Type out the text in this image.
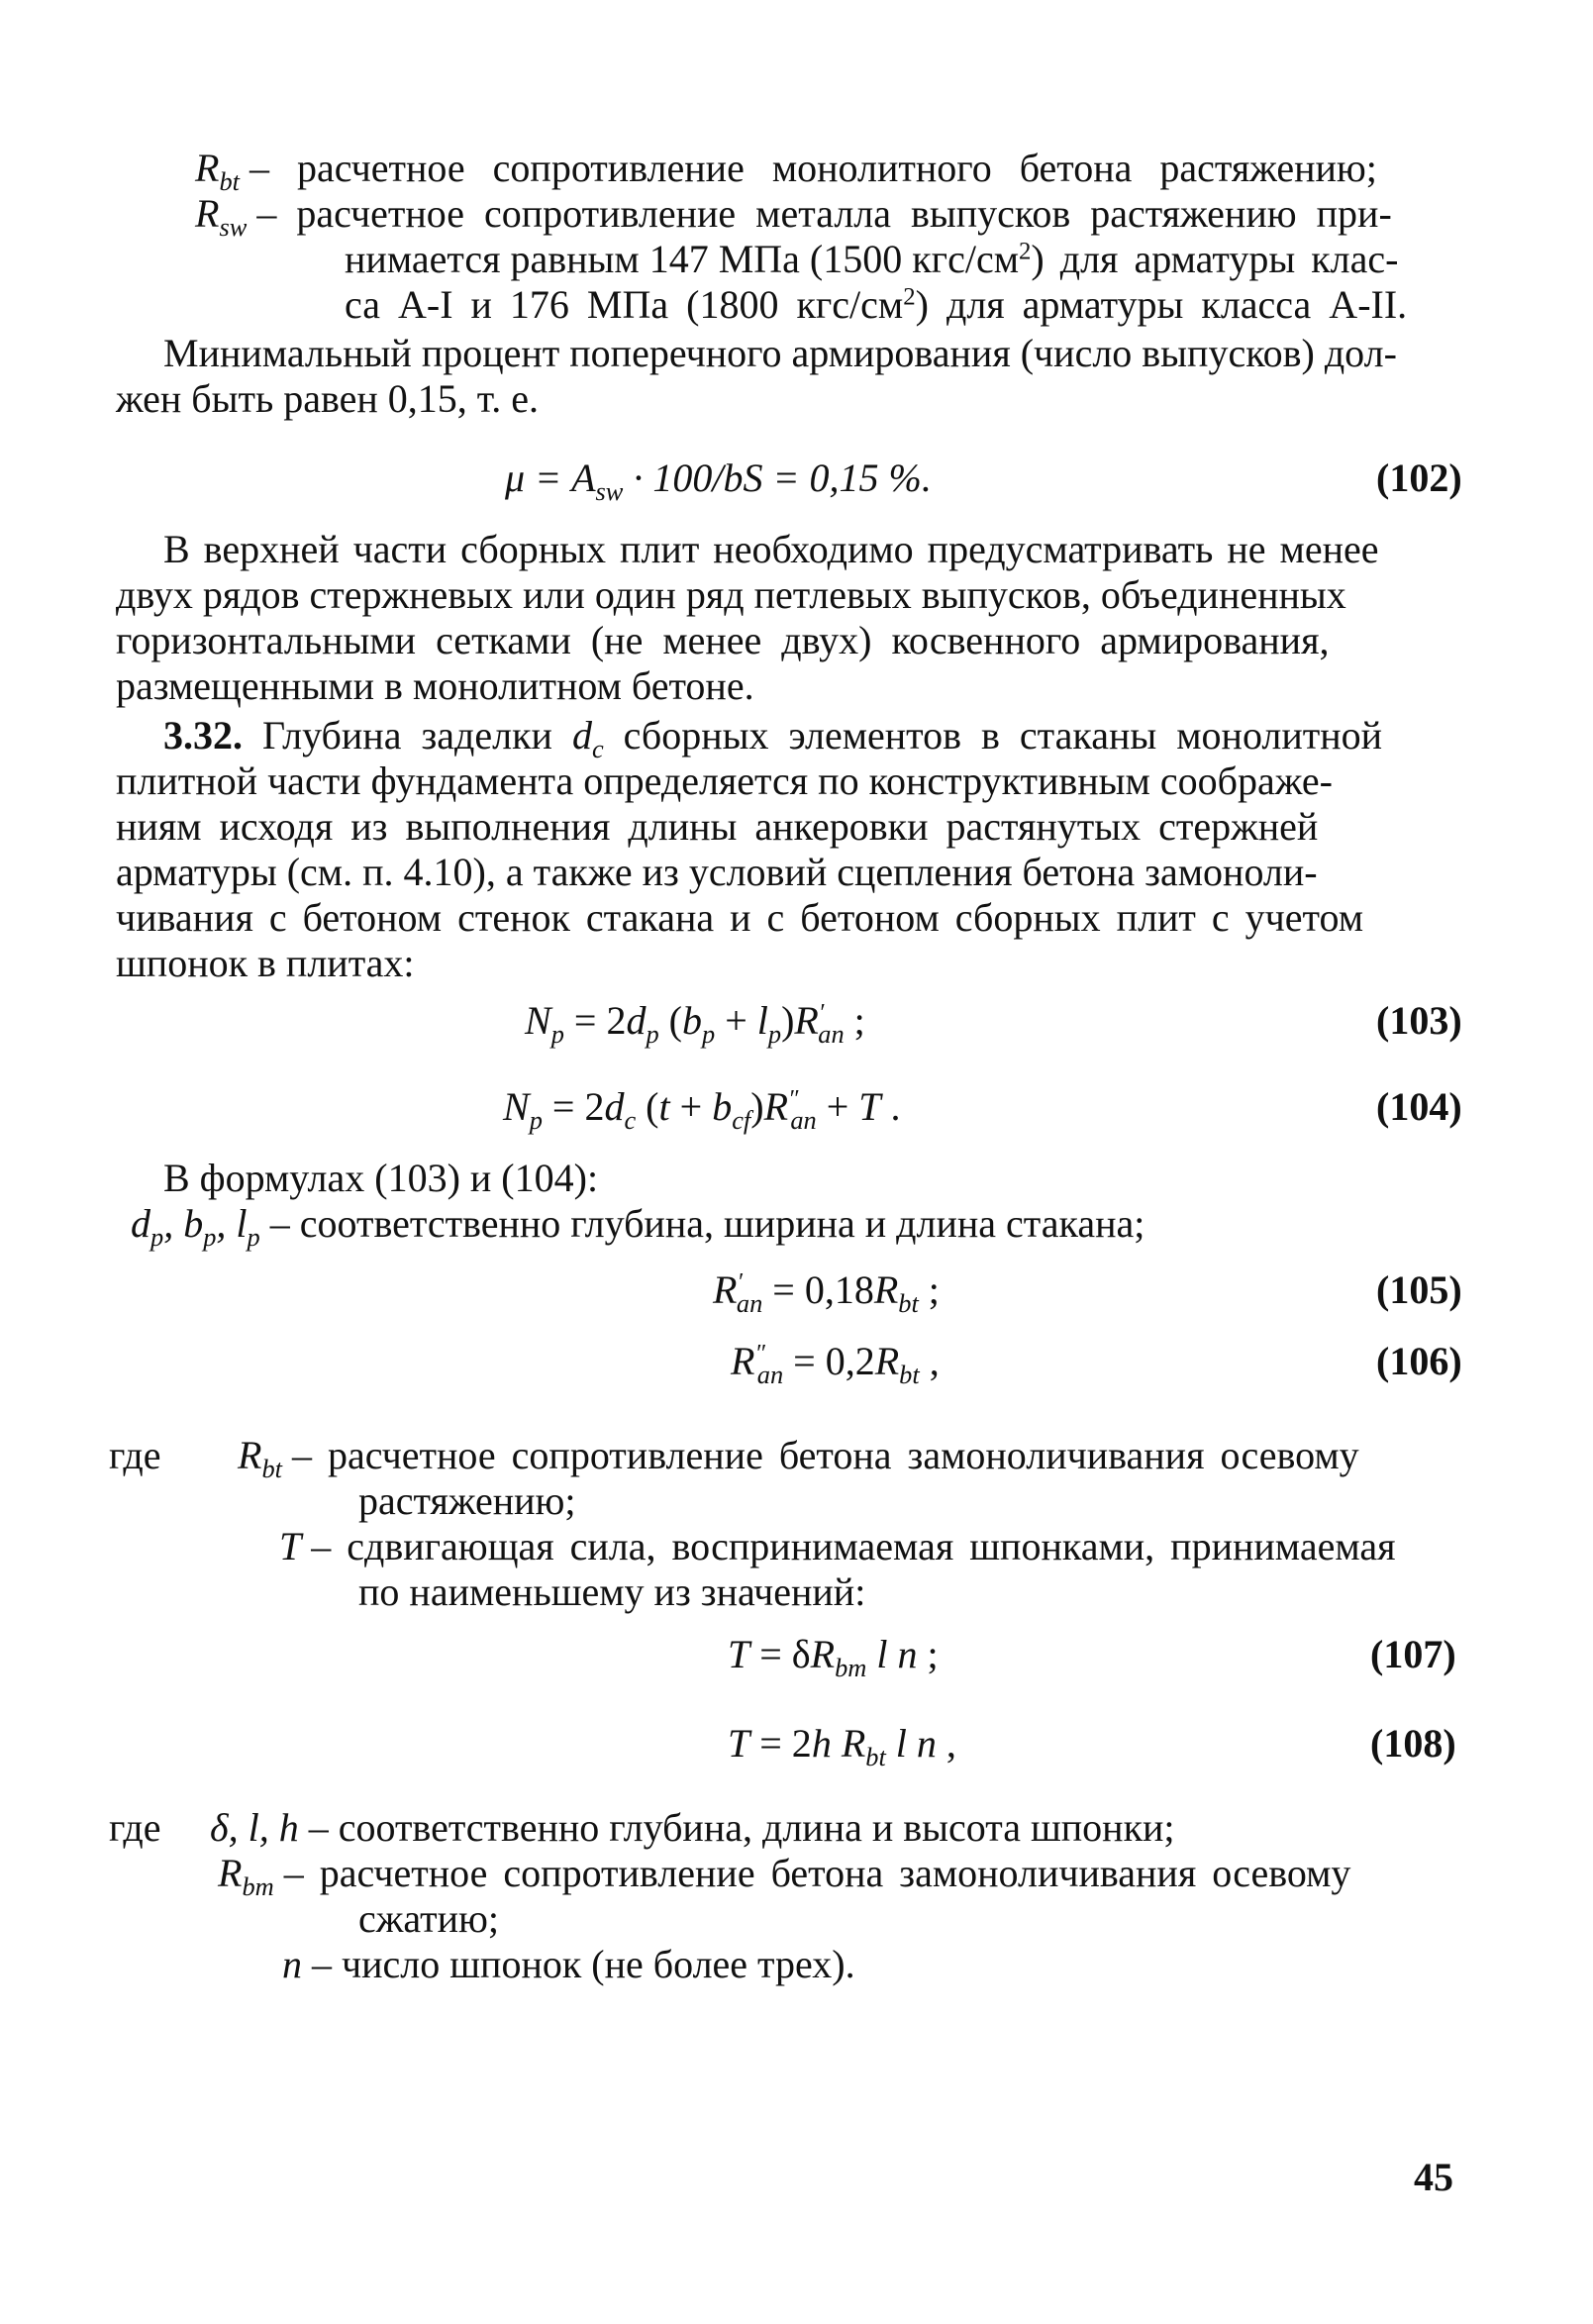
$R_{bt}$ – расчетное сопротивление монолитного бетона растяжению;
$R_{sw}$ – расчетное сопротивление металла выпусков растяжению при-
нимается равным 147 МПа (1500 кгс/$см^2$) для арматуры клас-
са А-I и 176 МПа (1800 кгс/$см^2$) для арматуры класса А-II.
Минимальный процент поперечного армирования (число выпусков) дол-
жен быть равен 0,15, т. е.
$\mu = A_{sw} \cdot 100/bS = 0,15$ %.	(102)
В верхней части сборных плит необходимо предусматривать не менее
двух рядов стержневых или один ряд петлевых выпусков, объединенных
горизонтальными сетками (не менее двух) косвенного армирования,
размещенными в монолитном бетоне.
3.32. Глубина заделки $d_c$ сборных элементов в стаканы монолитной
плитной части фундамента определяется по конструктивным соображе-
ниям исходя из выполнения длины анкеровки растянутых стержней
арматуры (см. п. 4.10), а также из условий сцепления бетона замоноли-
чивания с бетоном стенок стакана и с бетоном сборных плит с учетом
шпонок в плитах:
$N_p = 2d_p$ $(b_p + l_p)R'_{an}$ ;	(103)
$N_p = 2d_c$ $(t + b_{cf})R''_{an} + T$ .	(104)
В формулах (103) и (104):
$d_p$, $b_p$, $l_p$ – соответственно глубина, ширина и длина стакана;
$R'_{an} = 0,18R_{bt}$ ;	(105)
$R''_{an} = 0,2R_{bt}$ ,	(106)
где $R_{bt}$ – расчетное сопротивление бетона замоноличивания осевому
растяжению;
T – сдвигающая сила, воспринимаемая шпонками, принимаемая
по наименьшему из значений:
$T = \delta R_{bm}$ l n ;	(107)
T = 2h $R_{bt}$ l n ,	(108)
где δ, l, h – соответственно глубина, длина и высота шпонки;
$R_{bm}$ – расчетное сопротивление бетона замоноличивания осевому
сжатию;
n – число шпонок (не более трех).
45
